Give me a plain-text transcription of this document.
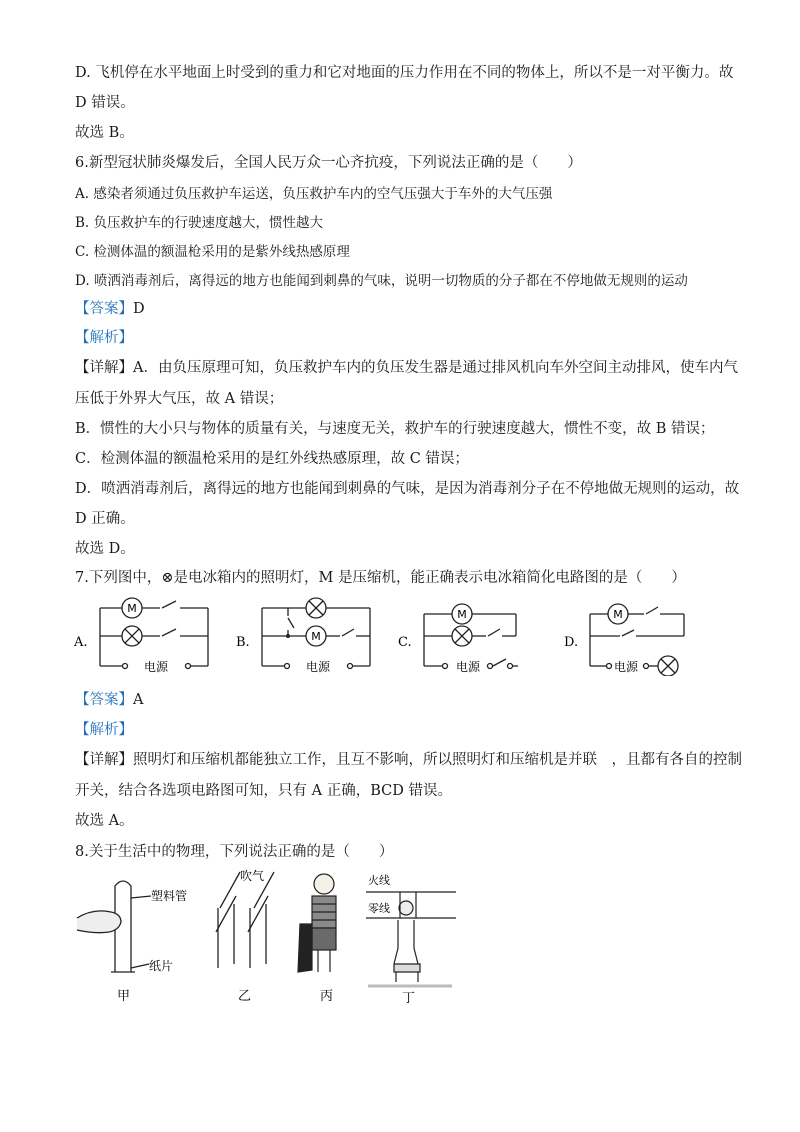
D. 飞机停在水平地面上时受到的重力和它对地面的压力作用在不同的物体上，所以不是一对平衡力。故
D 错误。
故选 B。
6.新型冠状肺炎爆发后，全国人民万众一心齐抗疫，下列说法正确的是（　　）
A. 感染者须通过负压救护车运送，负压救护车内的空气压强大于车外的大气压强
B. 负压救护车的行驶速度越大，惯性越大
C. 检测体温的额温枪采用的是紫外线热感原理
D. 喷洒消毒剂后，离得远的地方也能闻到刺鼻的气味，说明一切物质的分子都在不停地做无规则的运动
【答案】D
【解析】
【详解】A．由负压原理可知，负压救护车内的负压发生器是通过排风机向车外空间主动排风，使车内气
压低于外界大气压，故 A 错误；
B．惯性的大小只与物体的质量有关，与速度无关，救护车的行驶速度越大，惯性不变，故 B 错误；
C．检测体温的额温枪采用的是红外线热感原理，故 C 错误；
D．喷洒消毒剂后，离得远的地方也能闻到刺鼻的气味，是因为消毒剂分子在不停地做无规则的运动，故
D 正确。
故选 D。
7.下列图中，⊗是电冰箱内的照明灯，M 是压缩机，能正确表示电冰箱简化电路图的是（　　）
A.
M
电源
B.	M
电源
C.
M
电源
D.
M
电源
【答案】A
【解析】
【详解】照明灯和压缩机都能独立工作，且互不影响，所以照明灯和压缩机是并联　，且都有各自的控制
开关，结合各选项电路图可知，只有 A 正确，BCD 错误。
故选 A。
8.关于生活中的物理，下列说法正确的是（　　）
塑料管
纸片
甲
吹气
乙	丙
火线
零线
丁
